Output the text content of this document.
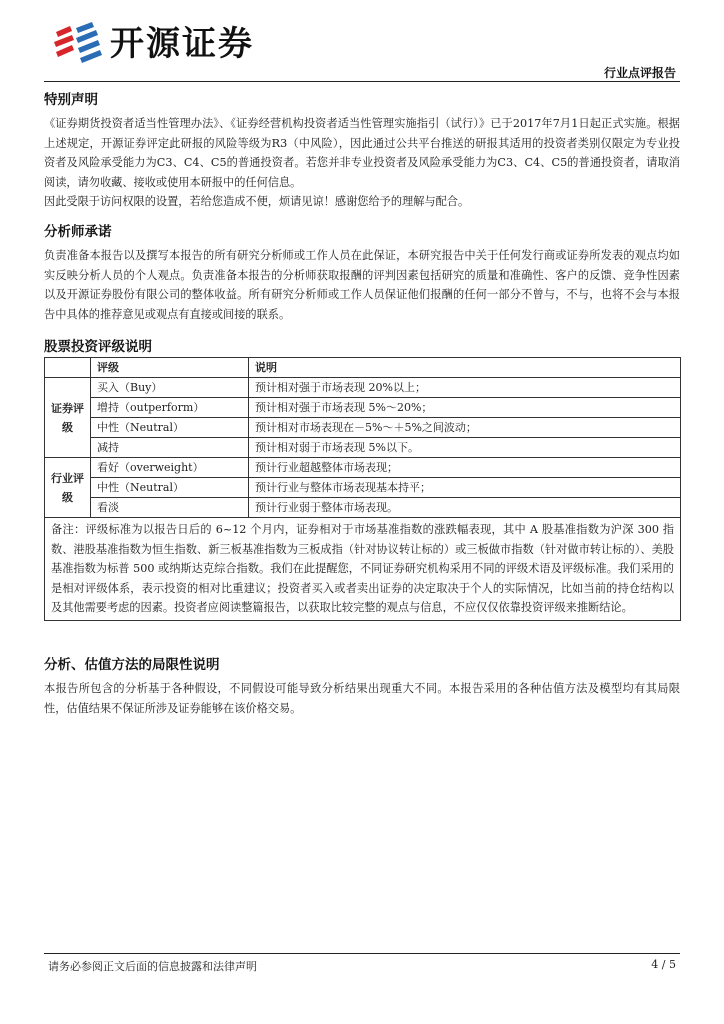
开源证券
行业点评报告
特别声明

《证券期货投资者适当性管理办法》、《证券经营机构投资者适当性管理实施指引（试行）》已于2017年7月1日起正式实施。根据上述规定，开源证券评定此研报的风险等级为R3（中风险），因此通过公共平台推送的研报其适用的投资者类别仅限定为专业投资者及风险承受能力为C3、C4、C5的普通投资者。若您并非专业投资者及风险承受能力为C3、C4、C5的普通投资者，请取消阅读，请勿收藏、接收或使用本研报中的任何信息。

因此受限于访问权限的设置，若给您造成不便，烦请见谅！感谢您给予的理解与配合。

分析师承诺

负责准备本报告以及撰写本报告的所有研究分析师或工作人员在此保证，本研究报告中关于任何发行商或证券所发表的观点均如实反映分析人员的个人观点。负责准备本报告的分析师获取报酬的评判因素包括研究的质量和准确性、客户的反馈、竞争性因素以及开源证券股份有限公司的整体收益。所有研究分析师或工作人员保证他们报酬的任何一部分不曾与，不与，也将不会与本报告中具体的推荐意见或观点有直接或间接的联系。

股票投资评级说明
	评级	说明
证券评级	买入（Buy）	预计相对强于市场表现 20%以上；
	增持（outperform）	预计相对强于市场表现 5%～20%；
	中性（Neutral）	预计相对市场表现在－5%～＋5%之间波动；
	减持	预计相对弱于市场表现 5%以下。
行业评级	看好（overweight）	预计行业超越整体市场表现；
	中性（Neutral）	预计行业与整体市场表现基本持平；
	看淡	预计行业弱于整体市场表现。
备注：评级标准为以报告日后的 6~12 个月内，证券相对于市场基准指数的涨跌幅表现，其中 A 股基准指数为沪深 300 指数、港股基准指数为恒生指数、新三板基准指数为三板成指（针对协议转让标的）或三板做市指数（针对做市转让标的）、美股基准指数为标普 500 或纳斯达克综合指数。我们在此提醒您，不同证券研究机构采用不同的评级术语及评级标准。我们采用的是相对评级体系，表示投资的相对比重建议；投资者买入或者卖出证券的决定取决于个人的实际情况，比如当前的持仓结构以及其他需要考虑的因素。投资者应阅读整篇报告，以获取比较完整的观点与信息，不应仅仅依靠投资评级来推断结论。		
分析、估值方法的局限性说明

本报告所包含的分析基于各种假设，不同假设可能导致分析结果出现重大不同。本报告采用的各种估值方法及模型均有其局限性，估值结果不保证所涉及证券能够在该价格交易。

请务必参阅正文后面的信息披露和法律声明	4 / 5
